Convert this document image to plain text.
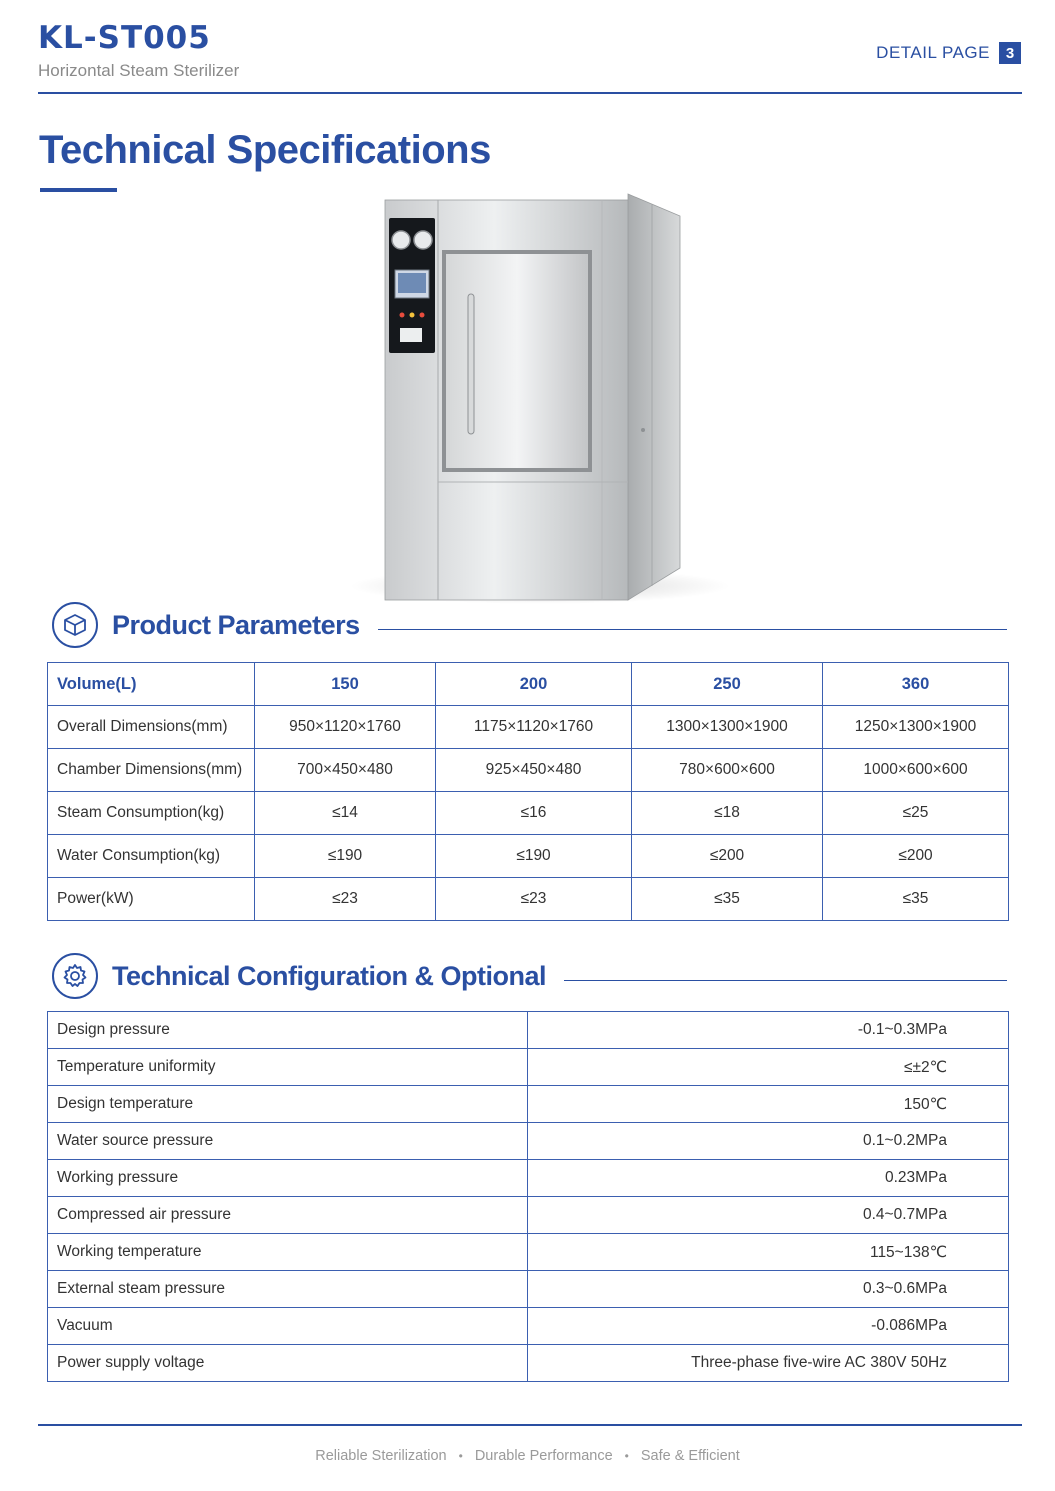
KL-ST005
Horizontal Steam Sterilizer
DETAIL PAGE	3
Technical Specifications
Product Parameters
Volume(L)	150	200	250	360
Overall Dimensions(mm)	950×1120×1760	1175×1120×1760	1300×1300×1900	1250×1300×1900
Chamber Dimensions(mm)	700×450×480	925×450×480	780×600×600	1000×600×600
Steam Consumption(kg)	≤14	≤16	≤18	≤25
Water Consumption(kg)	≤190	≤190	≤200	≤200
Power(kW)	≤23	≤23	≤35	≤35
Technical Configuration & Optional
Design pressure	-0.1~0.3MPa
Temperature uniformity	≤±2℃
Design temperature	150℃
Water source pressure	0.1~0.2MPa
Working pressure	0.23MPa
Compressed air pressure	0.4~0.7MPa
Working temperature	115~138℃
External steam pressure	0.3~0.6MPa
Vacuum	-0.086MPa
Power supply voltage	Three-phase five-wire AC 380V 50Hz
Reliable Sterilization • Durable Performance • Safe & Efficient
